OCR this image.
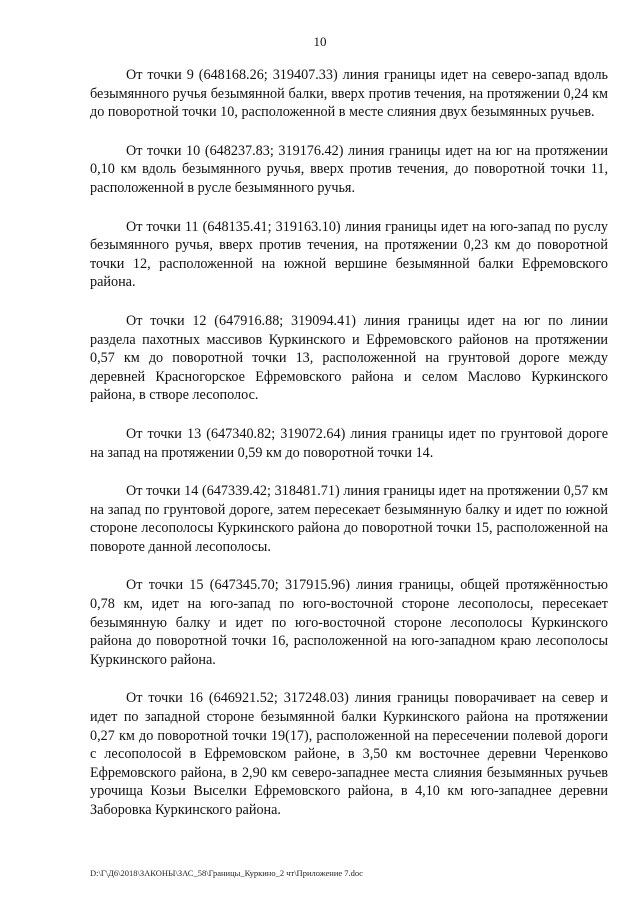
10

От точки 9 (648168.26; 319407.33) линия границы идет на северо-запад вдоль безымянного ручья безымянной балки, вверх против течения, на протяжении 0,24 км до поворотной точки 10, расположенной в месте слияния двух безымянных ручьев.

От точки 10 (648237.83; 319176.42) линия границы идет на юг на протяжении 0,10 км вдоль безымянного ручья, вверх против течения, до поворотной точки 11, расположенной в русле безымянного ручья.

От точки 11 (648135.41; 319163.10) линия границы идет на юго-запад по руслу безымянного ручья, вверх против течения, на протяжении 0,23 км до поворотной точки 12, расположенной на южной вершине безымянной балки Ефремовского района.

От точки 12 (647916.88; 319094.41) линия границы идет на юг по линии раздела пахотных массивов Куркинского и Ефремовского районов на протяжении 0,57 км до поворотной точки 13, расположенной на грунтовой дороге между деревней Красногорское Ефремовского района и селом Маслово Куркинского района, в створе лесополос.

От точки 13 (647340.82; 319072.64) линия границы идет по грунтовой дороге на запад на протяжении 0,59 км до поворотной точки 14.

От точки 14 (647339.42; 318481.71) линия границы идет на протяжении 0,57 км на запад по грунтовой дороге, затем пересекает безымянную балку и идет по южной стороне лесополосы Куркинского района до поворотной точки 15, расположенной на повороте данной лесополосы.

От точки 15 (647345.70; 317915.96) линия границы, общей протяжённостью 0,78 км, идет на юго-запад по юго-восточной стороне лесополосы, пересекает безымянную балку и идет по юго-восточной стороне лесополосы Куркинского района до поворотной точки 16, расположенной на юго-западном краю лесополосы Куркинского района.

От точки 16 (646921.52; 317248.03) линия границы поворачивает на север и идет по западной стороне безымянной балки Куркинского района на протяжении 0,27 км до поворотной точки 19(17), расположенной на пересечении полевой дороги с лесополосой в Ефремовском районе, в 3,50 км восточнее деревни Черенково Ефремовского района, в 2,90 км северо-западнее места слияния безымянных ручьев урочища Козьи Выселки Ефремовского района, в 4,10 км юго-западнее деревни Заборовка Куркинского района.

D:\Г\Д6\2018\ЗАКОНЫ\ЗАС_58\Границы_Куркино_2 чт\Приложение 7.doc
